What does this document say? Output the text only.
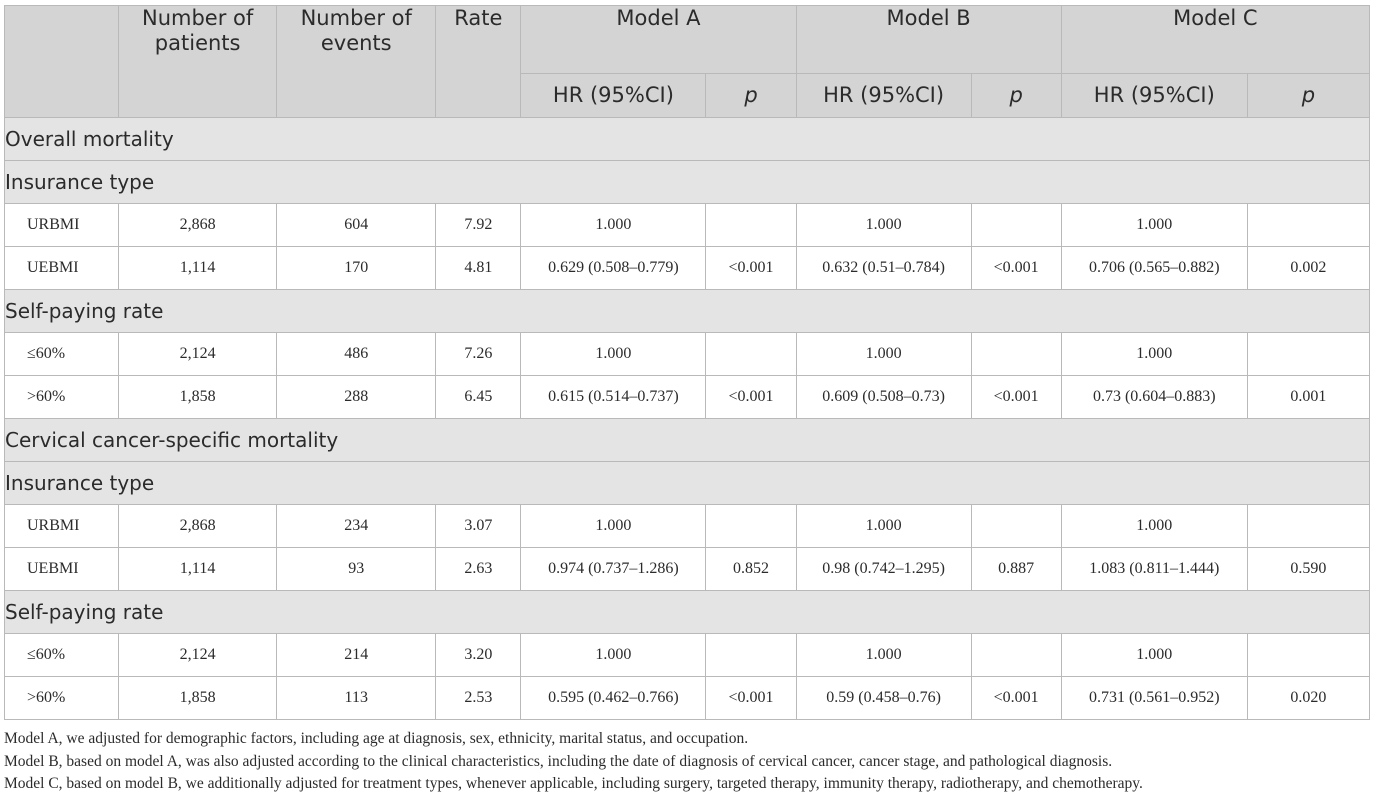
	Number of patients	Number of events	Rate	Model A		Model B		Model C	
				HR (95%CI)	p	HR (95%CI)	p	HR (95%CI)	p
Overall mortality									
Insurance type									
URBMI	2,868	604	7.92	1.000		1.000		1.000	
UEBMI	1,114	170	4.81	0.629 (0.508–0.779)	<0.001	0.632 (0.51–0.784)	<0.001	0.706 (0.565–0.882)	0.002
Self-paying rate									
≤60%	2,124	486	7.26	1.000		1.000		1.000	
>60%	1,858	288	6.45	0.615 (0.514–0.737)	<0.001	0.609 (0.508–0.73)	<0.001	0.73 (0.604–0.883)	0.001
Cervical cancer-specific mortality									
Insurance type									
URBMI	2,868	234	3.07	1.000		1.000		1.000	
UEBMI	1,114	93	2.63	0.974 (0.737–1.286)	0.852	0.98 (0.742–1.295)	0.887	1.083 (0.811–1.444)	0.590
Self-paying rate									
≤60%	2,124	214	3.20	1.000		1.000		1.000	
>60%	1,858	113	2.53	0.595 (0.462–0.766)	<0.001	0.59 (0.458–0.76)	<0.001	0.731 (0.561–0.952)	0.020

Model A, we adjusted for demographic factors, including age at diagnosis, sex, ethnicity, marital status, and occupation.

Model B, based on model A, was also adjusted according to the clinical characteristics, including the date of diagnosis of cervical cancer, cancer stage, and pathological diagnosis.

Model C, based on model B, we additionally adjusted for treatment types, whenever applicable, including surgery, targeted therapy, immunity therapy, radiotherapy, and chemotherapy.
